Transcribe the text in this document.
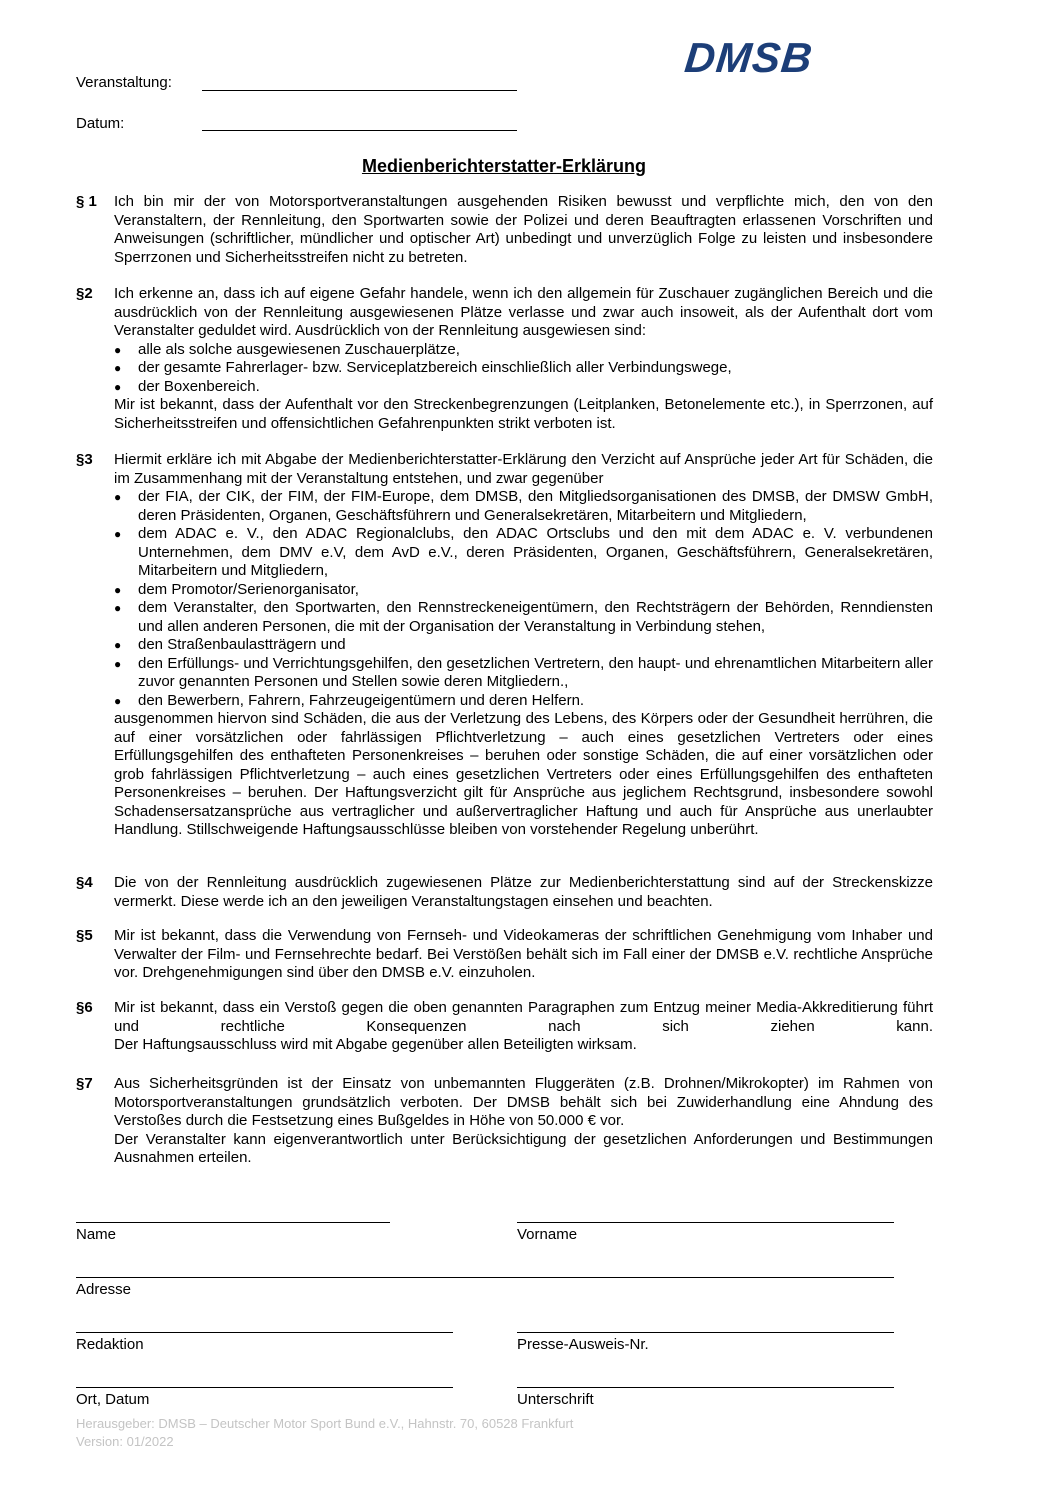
DMSB
Veranstaltung:
Datum:
Medienberichterstatter-Erklärung
§ 1	Ich bin mir der von Motorsportveranstaltungen ausgehenden Risiken bewusst und verpflichte mich, den von den Veranstaltern, der Rennleitung, den Sportwarten sowie der Polizei und deren Beauftragten erlassenen Vorschriften und Anweisungen (schriftlicher, mündlicher und optischer Art) unbedingt und unverzüglich Folge zu leisten und insbesondere Sperrzonen und Sicherheitsstreifen nicht zu betreten.

§2	Ich erkenne an, dass ich auf eigene Gefahr handele, wenn ich den allgemein für Zuschauer zugänglichen Bereich und die ausdrücklich von der Rennleitung ausgewiesenen Plätze verlasse und zwar auch insoweit, als der Aufenthalt dort vom Veranstalter geduldet wird. Ausdrücklich von der Rennleitung ausgewiesen sind:

● alle als solche ausgewiesenen Zuschauerplätze,
● der gesamte Fahrerlager- bzw. Serviceplatzbereich einschließlich aller Verbindungswege,
● der Boxenbereich.

Mir ist bekannt, dass der Aufenthalt vor den Streckenbegrenzungen (Leitplanken, Betonelemente etc.), in Sperrzonen, auf Sicherheitsstreifen und offensichtlichen Gefahrenpunkten strikt verboten ist.

§3	Hiermit erkläre ich mit Abgabe der Medienberichterstatter-Erklärung den Verzicht auf Ansprüche jeder Art für Schäden, die im Zusammenhang mit der Veranstaltung entstehen, und zwar gegenüber

● der FIA, der CIK, der FIM, der FIM-Europe, dem DMSB, den Mitgliedsorganisationen des DMSB, der DMSW GmbH, deren Präsidenten, Organen, Geschäftsführern und Generalsekretären, Mitarbeitern und Mitgliedern,
● dem ADAC e. V., den ADAC Regionalclubs, den ADAC Ortsclubs und den mit dem ADAC e. V. verbundenen Unternehmen, dem DMV e.V, dem AvD e.V., deren Präsidenten, Organen, Geschäftsführern, Generalsekretären, Mitarbeitern und Mitgliedern,
● dem Promotor/Serienorganisator,
● dem Veranstalter, den Sportwarten, den Rennstreckeneigentümern, den Rechtsträgern der Behörden, Renndiensten und allen anderen Personen, die mit der Organisation der Veranstaltung in Verbindung stehen,
● den Straßenbaulastträgern und
● den Erfüllungs- und Verrichtungsgehilfen, den gesetzlichen Vertretern, den haupt- und ehrenamtlichen Mitarbeitern aller zuvor genannten Personen und Stellen sowie deren Mitgliedern.,
● den Bewerbern, Fahrern, Fahrzeugeigentümern und deren Helfern.

ausgenommen hiervon sind Schäden, die aus der Verletzung des Lebens, des Körpers oder der Gesundheit herrühren, die auf einer vorsätzlichen oder fahrlässigen Pflichtverletzung – auch eines gesetzlichen Vertreters oder eines Erfüllungsgehilfen des enthafteten Personenkreises – beruhen oder sonstige Schäden, die auf einer vorsätzlichen oder grob fahrlässigen Pflichtverletzung – auch eines gesetzlichen Vertreters oder eines Erfüllungsgehilfen des enthafteten Personenkreises – beruhen. Der Haftungsverzicht gilt für Ansprüche aus jeglichem Rechtsgrund, insbesondere sowohl Schadensersatzansprüche aus vertraglicher und außervertraglicher Haftung und auch für Ansprüche aus unerlaubter Handlung. Stillschweigende Haftungsausschlüsse bleiben von vorstehender Regelung unberührt.

§4	Die von der Rennleitung ausdrücklich zugewiesenen Plätze zur Medienberichterstattung sind auf der Streckenskizze vermerkt. Diese werde ich an den jeweiligen Veranstaltungstagen einsehen und beachten.

§5	Mir ist bekannt, dass die Verwendung von Fernseh- und Videokameras der schriftlichen Genehmigung vom Inhaber und Verwalter der Film- und Fernsehrechte bedarf. Bei Verstößen behält sich im Fall einer der DMSB e.V. rechtliche Ansprüche vor. Drehgenehmigungen sind über den DMSB e.V. einzuholen.

§6	Mir ist bekannt, dass ein Verstoß gegen die oben genannten Paragraphen zum Entzug meiner Media-Akkreditierung führt und rechtliche Konsequenzen nach sich ziehen kann.

Der Haftungsausschluss wird mit Abgabe gegenüber allen Beteiligten wirksam.

§7	Aus Sicherheitsgründen ist der Einsatz von unbemannten Fluggeräten (z.B. Drohnen/Mikrokopter) im Rahmen von Motorsportveranstaltungen grundsätzlich verboten. Der DMSB behält sich bei Zuwiderhandlung eine Ahndung des Verstoßes durch die Festsetzung eines Bußgeldes in Höhe von 50.000 € vor.

Der Veranstalter kann eigenverantwortlich unter Berücksichtigung der gesetzlichen Anforderungen und Bestimmungen Ausnahmen erteilen.

Name	Vorname
Adresse
Redaktion	Presse-Ausweis-Nr.
Ort, Datum	Unterschrift
Herausgeber: DMSB – Deutscher Motor Sport Bund e.V., Hahnstr. 70, 60528 Frankfurt
Version: 01/2022
